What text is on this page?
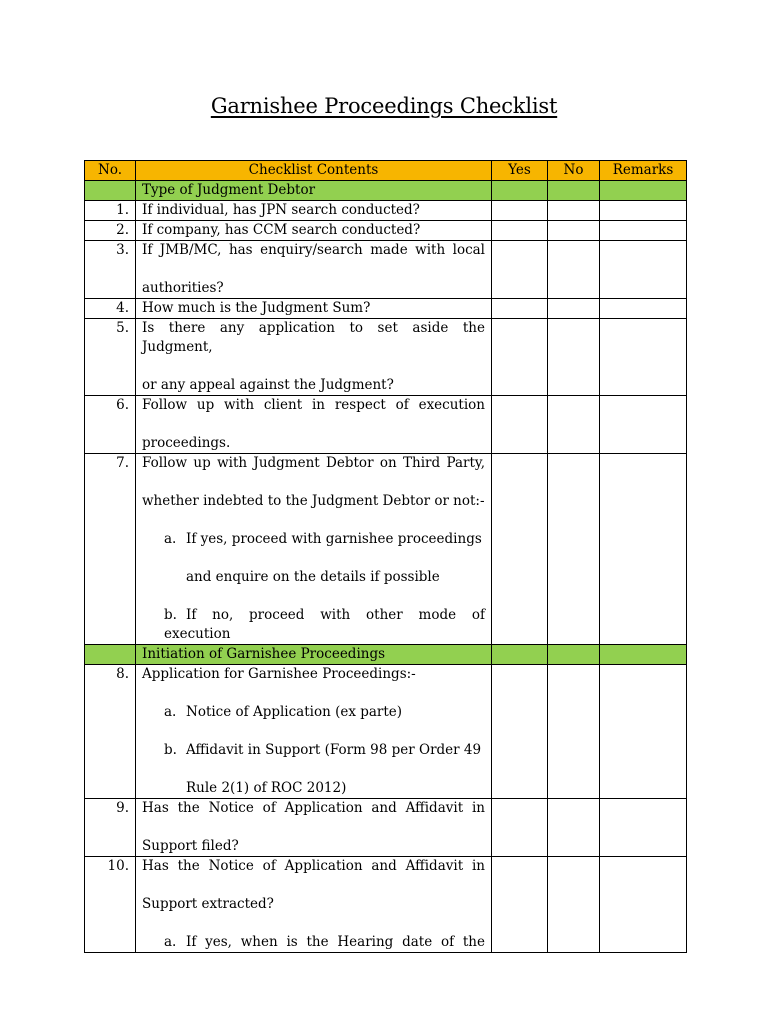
Garnishee Proceedings Checklist
No.	Checklist Contents	Yes	No	Remarks
	Type of Judgment Debtor			
1.	If individual, has JPN search conducted?			
2.	If company, has CCM search conducted?			
3.	If JMB/MC, has enquiry/search made with local
authorities?			

4.	How much is the Judgment Sum?			
5.	Is there any application to set aside the Judgment,
or any appeal against the Judgment?			

6.	Follow up with client in respect of execution
proceedings.			

7.	Follow up with Judgment Debtor on Third Party,
whether indebted to the Judgment Debtor or not:-
a. If yes, proceed with garnishee proceedings
and enquire on the details if possible
b. If no, proceed with other mode of execution			

	Initiation of Garnishee Proceedings			
8.	Application for Garnishee Proceedings:-
a. Notice of Application (ex parte)
b. Affidavit in Support (Form 98 per Order 49
Rule 2(1) of ROC 2012)			

9.	Has the Notice of Application and Affidavit in
Support filed?			

10.	Has the Notice of Application and Affidavit in
Support extracted?
a. If yes, when is the Hearing date of the			
